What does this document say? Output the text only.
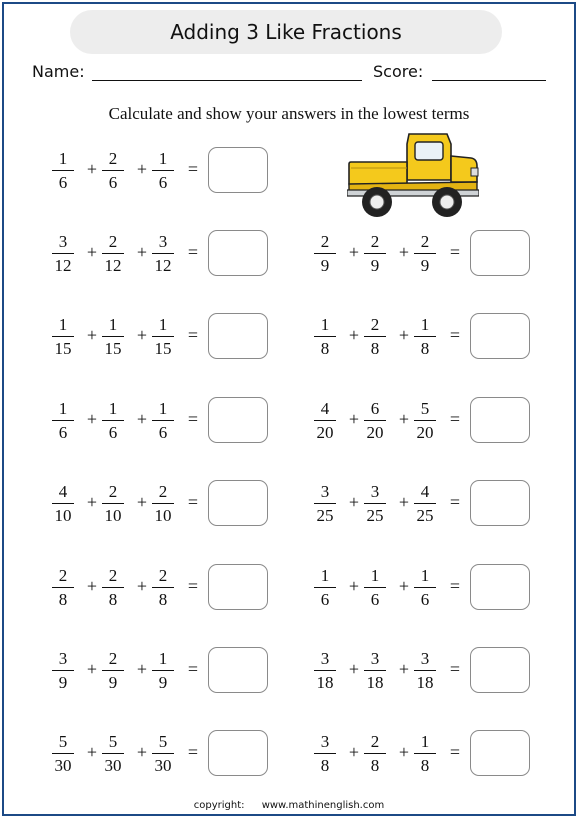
Adding 3 Like Fractions
Name:	Score:
Calculate and show your answers in the lowest terms
1
6
2
6
1
6
+ + =
3
12
2
12
3
12
+ + =
2
9
2
9
2
9
+ + =
1
15
1
15
1
15
+ + =
1
8
2
8
1
8
+ + =
1
6
1
6
1
6
+ + =
4
20
6
20
5
20
+ + =
4
10
2
10
2
10
+ + =
3
25
3
25
4
25
+ + =
2
8
2
8
2
8
+ + =
1
6
1
6
1
6
+ + =
3
9
2
9
1
9
+ + =
3
18
3
18
3
18
+ + =
5
30
5
30
5
30
+ + =
3
8
2
8
1
8
+ + =
copyright: www.mathinenglish.com
